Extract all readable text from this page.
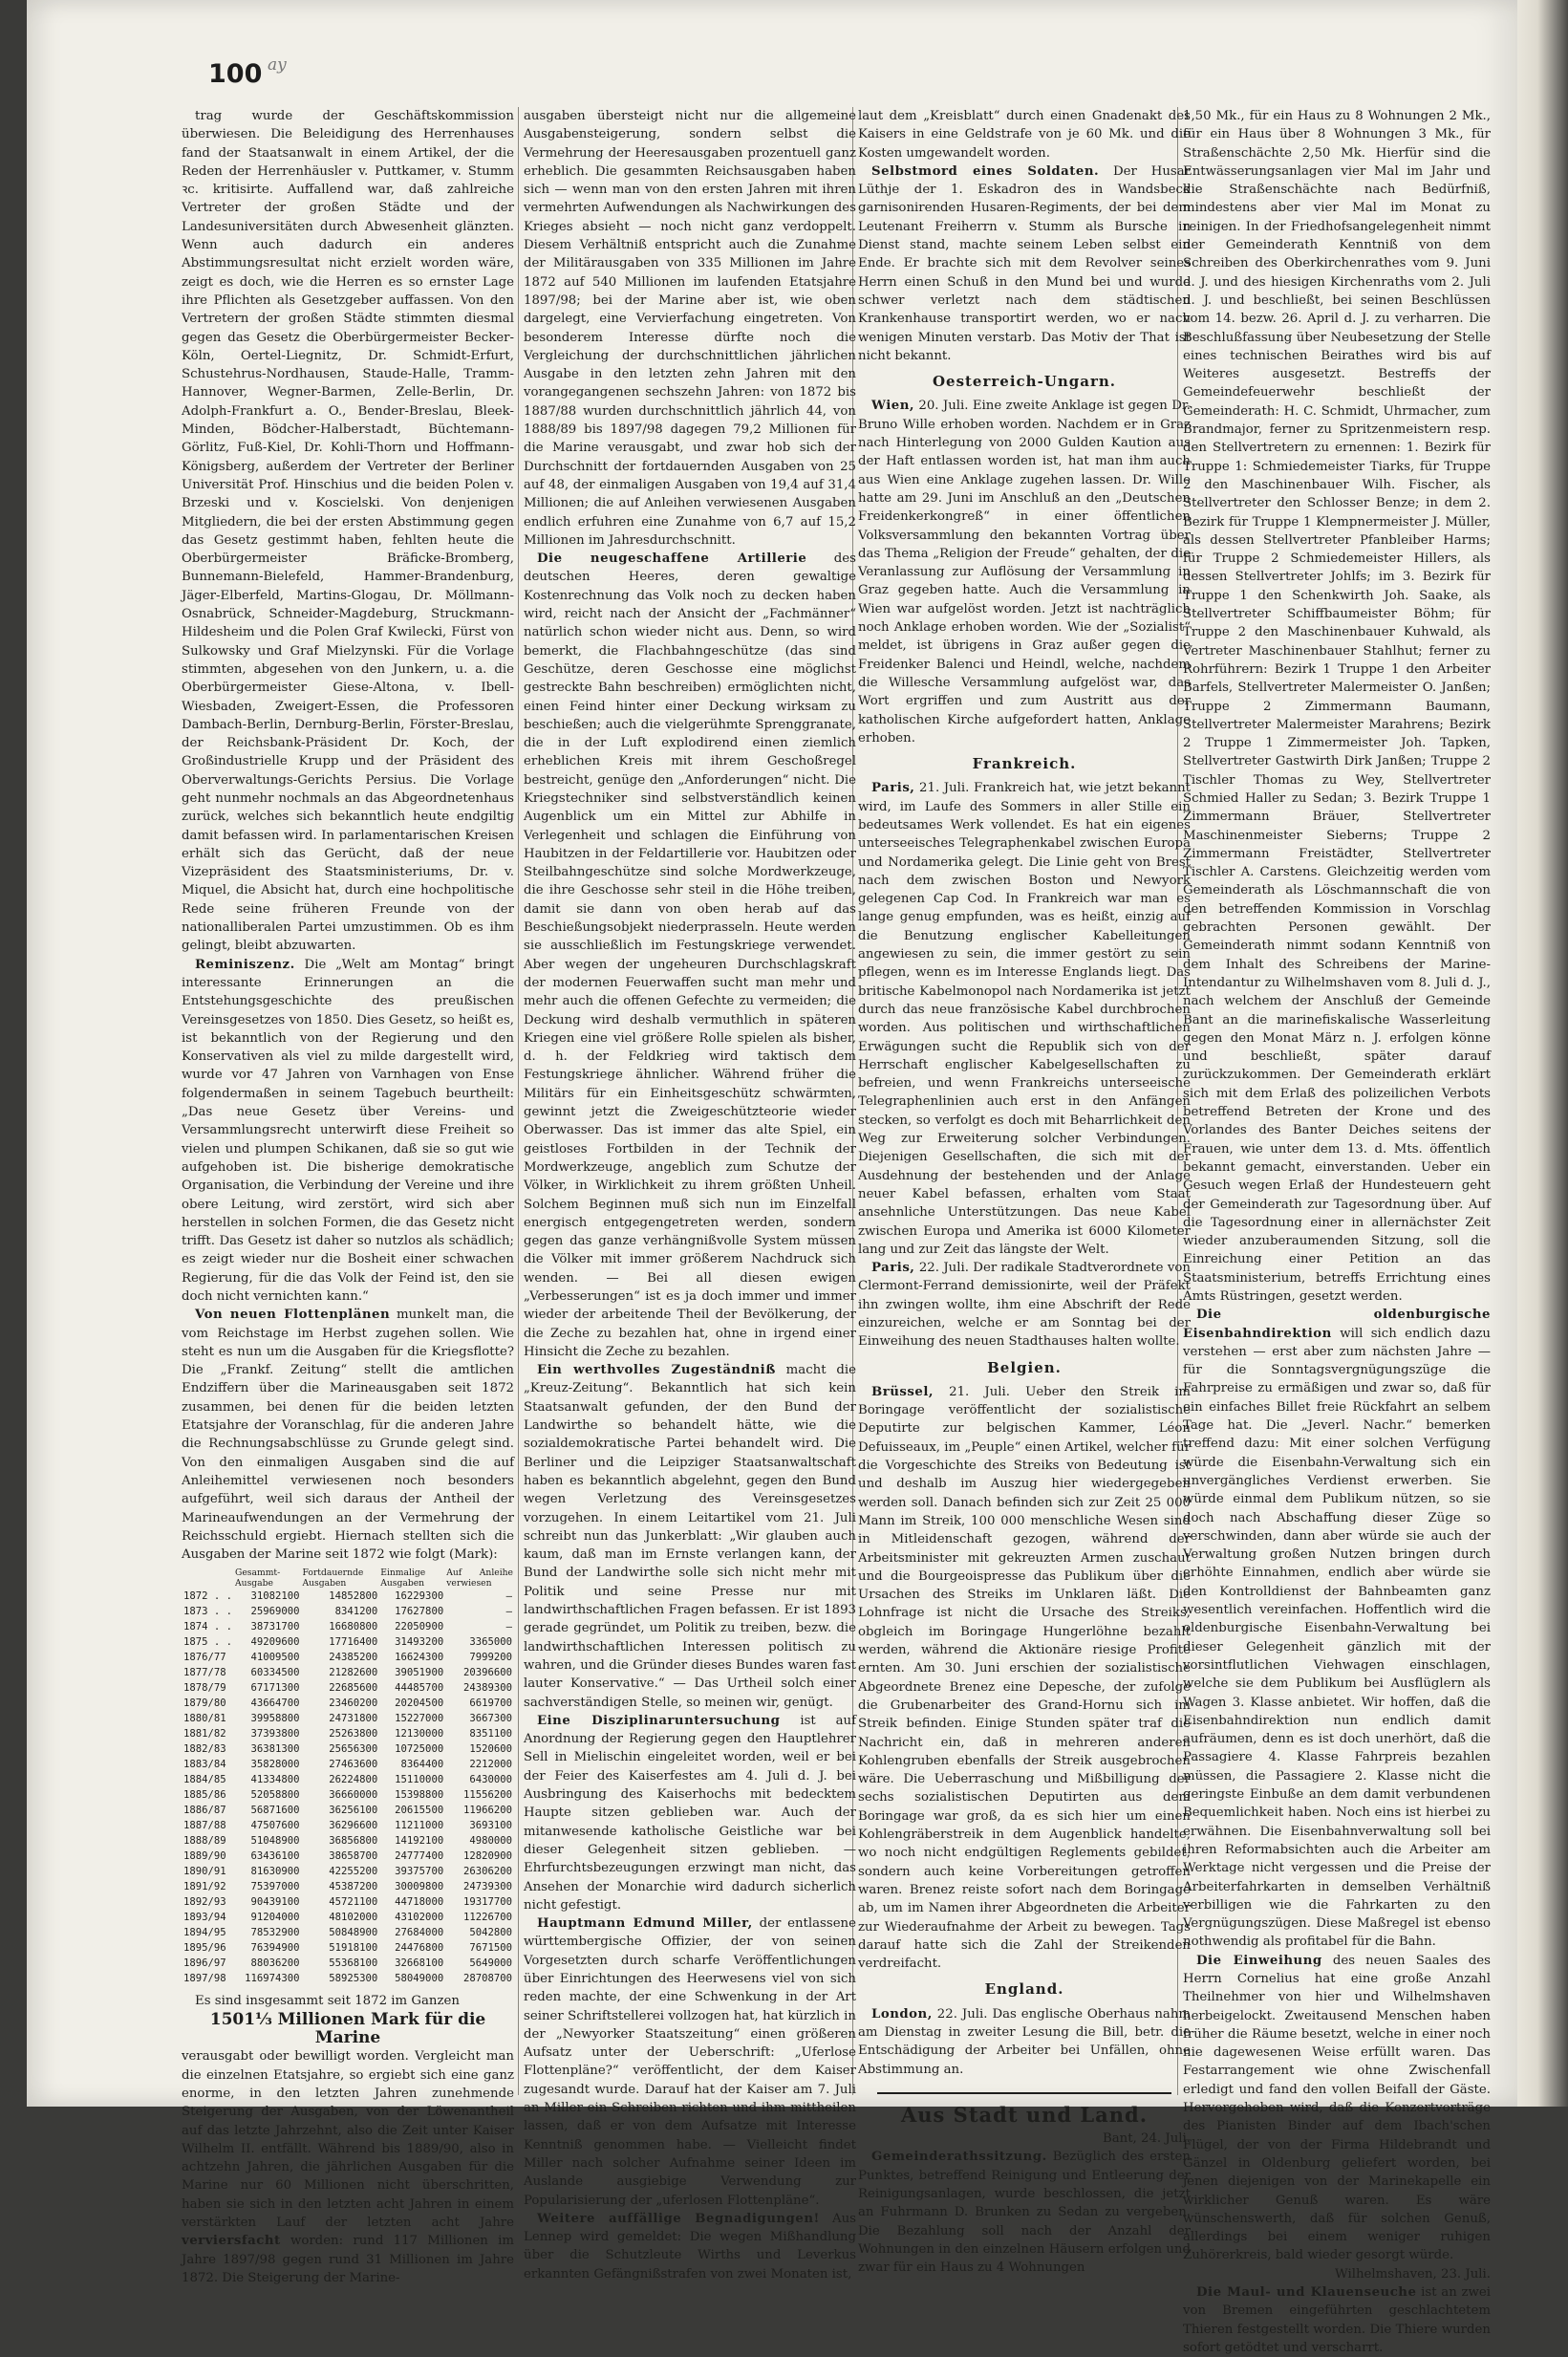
100 ay

trag wurde der Geschäftskommission überwiesen. Die Beleidigung des Herrenhauses fand der Staatsanwalt in einem Artikel, der die Reden der Herrenhäusler v. Puttkamer, v. Stumm ꝛc. kritisirte. Auffallend war, daß zahlreiche Vertreter der großen Städte und der Landesuniversitäten durch Abwesenheit glänzten. Wenn auch dadurch ein anderes Abstimmungsresultat nicht erzielt worden wäre, zeigt es doch, wie die Herren es so ernster Lage ihre Pflichten als Gesetzgeber auffassen. Von den Vertretern der großen Städte stimmten diesmal gegen das Gesetz die Oberbürgermeister Becker-Köln, Oertel-Liegnitz, Dr. Schmidt-Erfurt, Schustehrus-Nordhausen, Staude-Halle, Tramm-Hannover, Wegner-Barmen, Zelle-Berlin, Dr. Adolph-Frankfurt a. O., Bender-Breslau, Bleek-Minden, Bödcher-Halberstadt, Büchtemann-Görlitz, Fuß-Kiel, Dr. Kohli-Thorn und Hoffmann-Königsberg, außerdem der Vertreter der Berliner Universität Prof. Hinschius und die beiden Polen v. Brzeski und v. Koscielski. Von denjenigen Mitgliedern, die bei der ersten Abstimmung gegen das Gesetz gestimmt haben, fehlten heute die Oberbürgermeister Bräficke-Bromberg, Bunnemann-Bielefeld, Hammer-Brandenburg, Jäger-Elberfeld, Martins-Glogau, Dr. Möllmann-Osnabrück, Schneider-Magdeburg, Struckmann-Hildesheim und die Polen Graf Kwilecki, Fürst von Sulkowsky und Graf Mielzynski. Für die Vorlage stimmten, abgesehen von den Junkern, u. a. die Oberbürgermeister Giese-Altona, v. Ibell-Wiesbaden, Zweigert-Essen, die Professoren Dambach-Berlin, Dernburg-Berlin, Förster-Breslau, der Reichsbank-Präsident Dr. Koch, der Großindustrielle Krupp und der Präsident des Oberverwaltungs-Gerichts Persius. Die Vorlage geht nunmehr nochmals an das Abgeordnetenhaus zurück, welches sich bekanntlich heute endgiltig damit befassen wird. In parlamentarischen Kreisen erhält sich das Gerücht, daß der neue Vizepräsident des Staatsministeriums, Dr. v. Miquel, die Absicht hat, durch eine hochpolitische Rede seine früheren Freunde von der nationalliberalen Partei umzustimmen. Ob es ihm gelingt, bleibt abzuwarten.

Reminiszenz. Die „Welt am Montag“ bringt interessante Erinnerungen an die Entstehungsgeschichte des preußischen Vereinsgesetzes von 1850. Dies Gesetz, so heißt es, ist bekanntlich von der Regierung und den Konservativen als viel zu milde dargestellt wird, wurde vor 47 Jahren von Varnhagen von Ense folgendermaßen in seinem Tagebuch beurtheilt: „Das neue Gesetz über Vereins- und Versammlungsrecht unterwirft diese Freiheit so vielen und plumpen Schikanen, daß sie so gut wie aufgehoben ist. Die bisherige demokratische Organisation, die Verbindung der Vereine und ihre obere Leitung, wird zerstört, wird sich aber herstellen in solchen Formen, die das Gesetz nicht trifft. Das Gesetz ist daher so nutzlos als schädlich; es zeigt wieder nur die Bosheit einer schwachen Regierung, für die das Volk der Feind ist, den sie doch nicht vernichten kann.“

Von neuen Flottenplänen munkelt man, die vom Reichstage im Herbst zugehen sollen. Wie steht es nun um die Ausgaben für die Kriegsflotte? Die „Frankf. Zeitung“ stellt die amtlichen Endziffern über die Marineausgaben seit 1872 zusammen, bei denen für die beiden letzten Etatsjahre der Voranschlag, für die anderen Jahre die Rechnungsabschlüsse zu Grunde gelegt sind. Von den einmaligen Ausgaben sind die auf Anleihemittel verwiesenen noch besonders aufgeführt, weil sich daraus der Antheil der Marineaufwendungen an der Vermehrung der Reichsschuld ergiebt. Hiernach stellten sich die Ausgaben der Marine seit 1872 wie folgt (Mark):

	Gesammt-Ausgabe	Fortdauernde Ausgaben	Einmalige Ausgaben	Auf Anleihe verwiesen
1872 . .	31082100	14852800	16229300	—
1873 . .	25969000	8341200	17627800	—
1874 . .	38731700	16680800	22050900	—
1875 . .	49209600	17716400	31493200	3365000
1876/77	41009500	24385200	16624300	7999200
1877/78	60334500	21282600	39051900	20396600
1878/79	67171300	22685600	44485700	24389300
1879/80	43664700	23460200	20204500	6619700
1880/81	39958800	24731800	15227000	3667300
1881/82	37393800	25263800	12130000	8351100
1882/83	36381300	25656300	10725000	1520600
1883/84	35828000	27463600	8364400	2212000
1884/85	41334800	26224800	15110000	6430000
1885/86	52058800	36660000	15398800	11556200
1886/87	56871600	36256100	20615500	11966200
1887/88	47507600	36296600	11211000	3693100
1888/89	51048900	36856800	14192100	4980000
1889/90	63436100	38658700	24777400	12820900
1890/91	81630900	42255200	39375700	26306200
1891/92	75397000	45387200	30009800	24739300
1892/93	90439100	45721100	44718000	19317700
1893/94	91204000	48102000	43102000	11226700
1894/95	78532900	50848900	27684000	5042800
1895/96	76394900	51918100	24476800	7671500
1896/97	88036200	55368100	32668100	5649000
1897/98	116974300	58925300	58049000	28708700

Es sind insgesammt seit 1872 im Ganzen

1501⅓ Millionen Mark für die Marine

verausgabt oder bewilligt worden. Vergleicht man die einzelnen Etatsjahre, so ergiebt sich eine ganz enorme, in den letzten Jahren zunehmende Steigerung der Ausgaben, von der Löwenantheil auf das letzte Jahrzehnt, also die Zeit unter Kaiser Wilhelm II. entfällt. Während bis 1889/90, also in achtzehn Jahren, die jährlichen Ausgaben für die Marine nur 60 Millionen nicht überschritten, haben sie sich in den letzten acht Jahren in einem verstärkten Lauf der letzten acht Jahre verviersfacht worden: rund 117 Millionen im Jahre 1897/98 gegen rund 31 Millionen im Jahre 1872. Die Steigerung der Marine-

ausgaben übersteigt nicht nur die allgemeine Ausgabensteigerung, sondern selbst die Vermehrung der Heeresausgaben prozentuell ganz erheblich. Die gesammten Reichsausgaben haben sich — wenn man von den ersten Jahren mit ihren vermehrten Aufwendungen als Nachwirkungen des Krieges absieht — noch nicht ganz verdoppelt. Diesem Verhältniß entspricht auch die Zunahme der Militärausgaben von 335 Millionen im Jahre 1872 auf 540 Millionen im laufenden Etatsjahre 1897/98; bei der Marine aber ist, wie oben dargelegt, eine Vervierfachung eingetreten. Von besonderem Interesse dürfte noch die Vergleichung der durchschnittlichen jährlichen Ausgabe in den letzten zehn Jahren mit den vorangegangenen sechszehn Jahren: von 1872 bis 1887/88 wurden durchschnittlich jährlich 44, von 1888/89 bis 1897/98 dagegen 79,2 Millionen für die Marine verausgabt, und zwar hob sich der Durchschnitt der fortdauernden Ausgaben von 25 auf 48, der einmaligen Ausgaben von 19,4 auf 31,4 Millionen; die auf Anleihen verwiesenen Ausgaben endlich erfuhren eine Zunahme von 6,7 auf 15,2 Millionen im Jahresdurchschnitt.

Die neugeschaffene Artillerie des deutschen Heeres, deren gewaltige Kostenrechnung das Volk noch zu decken haben wird, reicht nach der Ansicht der „Fachmänner“ natürlich schon wieder nicht aus. Denn, so wird bemerkt, die Flachbahngeschütze (das sind Geschütze, deren Geschosse eine möglichst gestreckte Bahn beschreiben) ermöglichten nicht, einen Feind hinter einer Deckung wirksam zu beschießen; auch die vielgerühmte Sprenggranate, die in der Luft explodirend einen ziemlich erheblichen Kreis mit ihrem Geschoßregel bestreicht, genüge den „Anforderungen“ nicht. Die Kriegstechniker sind selbstverständlich keinen Augenblick um ein Mittel zur Abhilfe in Verlegenheit und schlagen die Einführung von Haubitzen in der Feldartillerie vor. Haubitzen oder Steilbahngeschütze sind solche Mordwerkzeuge, die ihre Geschosse sehr steil in die Höhe treiben, damit sie dann von oben herab auf das Beschießungsobjekt niederprasseln. Heute werden sie ausschließlich im Festungskriege verwendet. Aber wegen der ungeheuren Durchschlagskraft der modernen Feuerwaffen sucht man mehr und mehr auch die offenen Gefechte zu vermeiden; die Deckung wird deshalb vermuthlich in späteren Kriegen eine viel größere Rolle spielen als bisher, d. h. der Feldkrieg wird taktisch dem Festungskriege ähnlicher. Während früher die Militärs für ein Einheitsgeschütz schwärmten, gewinnt jetzt die Zweigeschützteorie wieder Oberwasser. Das ist immer das alte Spiel, ein geistloses Fortbilden in der Technik der Mordwerkzeuge, angeblich zum Schutze der Völker, in Wirklichkeit zu ihrem größten Unheil. Solchem Beginnen muß sich nun im Einzelfall energisch entgegengetreten werden, sondern gegen das ganze verhängnißvolle System müssen die Völker mit immer größerem Nachdruck sich wenden. — Bei all diesen ewigen „Verbesserungen“ ist es ja doch immer und immer wieder der arbeitende Theil der Bevölkerung, der die Zeche zu bezahlen hat, ohne in irgend einer Hinsicht die Zeche zu bezahlen.

Ein werthvolles Zugeständniß macht die „Kreuz-Zeitung“. Bekanntlich hat sich kein Staatsanwalt gefunden, der den Bund der Landwirthe so behandelt hätte, wie die sozialdemokratische Partei behandelt wird. Die Berliner und die Leipziger Staatsanwaltschaft haben es bekanntlich abgelehnt, gegen den Bund wegen Verletzung des Vereinsgesetzes vorzugehen. In einem Leitartikel vom 21. Juli schreibt nun das Junkerblatt: „Wir glauben auch kaum, daß man im Ernste verlangen kann, der Bund der Landwirthe solle sich nicht mehr mit Politik und seine Presse nur mit landwirthschaftlichen Fragen befassen. Er ist 1893 gerade gegründet, um Politik zu treiben, bezw. die landwirthschaftlichen Interessen politisch zu wahren, und die Gründer dieses Bundes waren fast lauter Konservative.“ — Das Urtheil solch einer sachverständigen Stelle, so meinen wir, genügt.

Eine Disziplinaruntersuchung ist auf Anordnung der Regierung gegen den Hauptlehrer Sell in Mielischin eingeleitet worden, weil er bei der Feier des Kaiserfestes am 4. Juli d. J. bei Ausbringung des Kaiserhochs mit bedecktem Haupte sitzen geblieben war. Auch der mitanwesende katholische Geistliche war bei dieser Gelegenheit sitzen geblieben. — Ehrfurchtsbezeugungen erzwingt man nicht, das Ansehen der Monarchie wird dadurch sicherlich nicht gefestigt.

Hauptmann Edmund Miller, der entlassene württembergische Offizier, der von seinen Vorgesetzten durch scharfe Veröffentlichungen über Einrichtungen des Heerwesens viel von sich reden machte, der eine Schwenkung in der Art seiner Schriftstellerei vollzogen hat, hat kürzlich in der „Newyorker Staatszeitung“ einen größeren Aufsatz unter der Ueberschrift: „Uferlose Flottenpläne?“ veröffentlicht, der dem Kaiser zugesandt wurde. Darauf hat der Kaiser am 7. Juli an Miller ein Schreiben richten und ihm mittheilen lassen, daß er von dem Aufsatze mit Interesse Kenntniß genommen habe. — Vielleicht findet Miller nach solcher Aufnahme seiner Ideen im Auslande ausgiebige Verwendung zur Popularisierung der „uferlosen Flottenpläne“.

Weitere auffällige Begnadigungen! Aus Lennep wird gemeldet: Die wegen Mißhandlung über die Schutzleute Wirths und Leverkus erkannten Gefängnißstrafen von zwei Monaten ist,

laut dem „Kreisblatt“ durch einen Gnadenakt des Kaisers in eine Geldstrafe von je 60 Mk. und die Kosten umgewandelt worden.

Selbstmord eines Soldaten. Der Husar Lüthje der 1. Eskadron des in Wandsbeck garnisonirenden Husaren-Regiments, der bei dem Leutenant Freiherrn v. Stumm als Bursche in Dienst stand, machte seinem Leben selbst ein Ende. Er brachte sich mit dem Revolver seines Herrn einen Schuß in den Mund bei und wurde schwer verletzt nach dem städtischen Krankenhause transportirt werden, wo er nach wenigen Minuten verstarb. Das Motiv der That ist nicht bekannt.

Oesterreich-Ungarn.

Wien, 20. Juli. Eine zweite Anklage ist gegen Dr. Bruno Wille erhoben worden. Nachdem er in Graz nach Hinterlegung von 2000 Gulden Kaution aus der Haft entlassen worden ist, hat man ihm auch aus Wien eine Anklage zugehen lassen. Dr. Wille hatte am 29. Juni im Anschluß an den „Deutschen Freidenkerkongreß“ in einer öffentlichen Volksversammlung den bekannten Vortrag über das Thema „Religion der Freude“ gehalten, der die Veranlassung zur Auflösung der Versammlung in Graz gegeben hatte. Auch die Versammlung in Wien war aufgelöst worden. Jetzt ist nachträglich noch Anklage erhoben worden. Wie der „Sozialist“ meldet, ist übrigens in Graz außer gegen die Freidenker Balenci und Heindl, welche, nachdem die Willesche Versammlung aufgelöst war, das Wort ergriffen und zum Austritt aus der katholischen Kirche aufgefordert hatten, Anklage erhoben.

Frankreich.

Paris, 21. Juli. Frankreich hat, wie jetzt bekannt wird, im Laufe des Sommers in aller Stille ein bedeutsames Werk vollendet. Es hat ein eigenes unterseeisches Telegraphenkabel zwischen Europa und Nordamerika gelegt. Die Linie geht von Brest nach dem zwischen Boston und Newyork gelegenen Cap Cod. In Frankreich war man es lange genug empfunden, was es heißt, einzig auf die Benutzung englischer Kabelleitungen angewiesen zu sein, die immer gestört zu sein pflegen, wenn es im Interesse Englands liegt. Das britische Kabelmonopol nach Nordamerika ist jetzt durch das neue französische Kabel durchbrochen worden. Aus politischen und wirthschaftlichen Erwägungen sucht die Republik sich von der Herrschaft englischer Kabelgesellschaften zu befreien, und wenn Frankreichs unterseeische Telegraphenlinien auch erst in den Anfängen stecken, so verfolgt es doch mit Beharrlichkeit den Weg zur Erweiterung solcher Verbindungen. Diejenigen Gesellschaften, die sich mit der Ausdehnung der bestehenden und der Anlage neuer Kabel befassen, erhalten vom Staat ansehnliche Unterstützungen. Das neue Kabel zwischen Europa und Amerika ist 6000 Kilometer lang und zur Zeit das längste der Welt.

Paris, 22. Juli. Der radikale Stadtverordnete von Clermont-Ferrand demissionirte, weil der Präfekt ihn zwingen wollte, ihm eine Abschrift der Rede einzureichen, welche er am Sonntag bei der Einweihung des neuen Stadthauses halten wollte.

Belgien.

Brüssel, 21. Juli. Ueber den Streik im Boringage veröffentlicht der sozialistische Deputirte zur belgischen Kammer, Léon Defuisseaux, im „Peuple“ einen Artikel, welcher für die Vorgeschichte des Streiks von Bedeutung ist und deshalb im Auszug hier wiedergegeben werden soll. Danach befinden sich zur Zeit 25 000 Mann im Streik, 100 000 menschliche Wesen sind in Mitleidenschaft gezogen, während der Arbeitsminister mit gekreuzten Armen zuschaut und die Bourgeoispresse das Publikum über die Ursachen des Streiks im Unklaren läßt. Die Lohnfrage ist nicht die Ursache des Streiks, obgleich im Boringage Hungerlöhne bezahlt werden, während die Aktionäre riesige Profite ernten. Am 30. Juni erschien der sozialistische Abgeordnete Brenez eine Depesche, der zufolge die Grubenarbeiter des Grand-Hornu sich im Streik befinden. Einige Stunden später traf die Nachricht ein, daß in mehreren anderen Kohlengruben ebenfalls der Streik ausgebrochen wäre. Die Ueberraschung und Mißbilligung der sechs sozialistischen Deputirten aus dem Boringage war groß, da es sich hier um einen Kohlengräberstreik in dem Augenblick handelte, wo noch nicht endgültigen Reglements gebildet, sondern auch keine Vorbereitungen getroffen waren. Brenez reiste sofort nach dem Boringage ab, um im Namen ihrer Abgeordneten die Arbeiter zur Wiederaufnahme der Arbeit zu bewegen. Tags darauf hatte sich die Zahl der Streikenden verdreifacht.

England.

London, 22. Juli. Das englische Oberhaus nahm am Dienstag in zweiter Lesung die Bill, betr. die Entschädigung der Arbeiter bei Unfällen, ohne Abstimmung an.

Aus Stadt und Land.

Bant, 24. Juli.

Gemeinderathssitzung. Bezüglich des ersten Punktes, betreffend Reinigung und Entleerung der Reinigungsanlagen, wurde beschlossen, die jetzt an Fuhrmann D. Brunken zu Sedan zu vergeben. Die Bezahlung soll nach der Anzahl der Wohnungen in den einzelnen Häusern erfolgen und zwar für ein Haus zu 4 Wohnungen

1,50 Mk., für ein Haus zu 8 Wohnungen 2 Mk., für ein Haus über 8 Wohnungen 3 Mk., für Straßenschächte 2,50 Mk. Hierfür sind die Entwässerungsanlagen vier Mal im Jahr und die Straßenschächte nach Bedürfniß, mindestens aber vier Mal im Monat zu reinigen. In der Friedhofsangelegenheit nimmt der Gemeinderath Kenntniß von dem Schreiben des Oberkirchenrathes vom 9. Juni d. J. und des hiesigen Kirchenraths vom 2. Juli d. J. und beschließt, bei seinen Beschlüssen vom 14. bezw. 26. April d. J. zu verharren. Die Beschlußfassung über Neubesetzung der Stelle eines technischen Beirathes wird bis auf Weiteres ausgesetzt. Bestreffs der Gemeindefeuerwehr beschließt der Gemeinderath: H. C. Schmidt, Uhrmacher, zum Brandmajor, ferner zu Spritzenmeistern resp. den Stellvertretern zu ernennen: 1. Bezirk für Truppe 1: Schmiedemeister Tiarks, für Truppe 2 den Maschinenbauer Wilh. Fischer, als Stellvertreter den Schlosser Benze; in dem 2. Bezirk für Truppe 1 Klempnermeister J. Müller, als dessen Stellvertreter Pfanbleiber Harms; für Truppe 2 Schmiedemeister Hillers, als dessen Stellvertreter Johlfs; im 3. Bezirk für Truppe 1 den Schenkwirth Joh. Saake, als Stellvertreter Schiffbaumeister Böhm; für Truppe 2 den Maschinenbauer Kuhwald, als Vertreter Maschinenbauer Stahlhut; ferner zu Rohrführern: Bezirk 1 Truppe 1 den Arbeiter Barfels, Stellvertreter Malermeister O. Janßen; Truppe 2 Zimmermann Baumann, Stellvertreter Malermeister Marahrens; Bezirk 2 Truppe 1 Zimmermeister Joh. Tapken, Stellvertreter Gastwirth Dirk Janßen; Truppe 2 Tischler Thomas zu Wey, Stellvertreter Schmied Haller zu Sedan; 3. Bezirk Truppe 1 Zimmermann Bräuer, Stellvertreter Maschinenmeister Sieberns; Truppe 2 Zimmermann Freistädter, Stellvertreter Tischler A. Carstens. Gleichzeitig werden vom Gemeinderath als Löschmannschaft die von den betreffenden Kommission in Vorschlag gebrachten Personen gewählt. Der Gemeinderath nimmt sodann Kenntniß von dem Inhalt des Schreibens der Marine-Intendantur zu Wilhelmshaven vom 8. Juli d. J., nach welchem der Anschluß der Gemeinde Bant an die marinefiskalische Wasserleitung gegen den Monat März n. J. erfolgen könne und beschließt, später darauf zurückzukommen. Der Gemeinderath erklärt sich mit dem Erlaß des polizeilichen Verbots betreffend Betreten der Krone und des Vorlandes des Banter Deiches seitens der Frauen, wie unter dem 13. d. Mts. öffentlich bekannt gemacht, einverstanden. Ueber ein Gesuch wegen Erlaß der Hundesteuern geht der Gemeinderath zur Tagesordnung über. Auf die Tagesordnung einer in allernächster Zeit wieder anzuberaumenden Sitzung, soll die Einreichung einer Petition an das Staatsministerium, betreffs Errichtung eines Amts Rüstringen, gesetzt werden.

Die oldenburgische Eisenbahndirektion will sich endlich dazu verstehen — erst aber zum nächsten Jahre — für die Sonntagsvergnügungszüge die Fahrpreise zu ermäßigen und zwar so, daß für ein einfaches Billet freie Rückfahrt an selbem Tage hat. Die „Jeverl. Nachr.“ bemerken treffend dazu: Mit einer solchen Verfügung würde die Eisenbahn-Verwaltung sich ein unvergängliches Verdienst erwerben. Sie würde einmal dem Publikum nützen, so sie doch nach Abschaffung dieser Züge so verschwinden, dann aber würde sie auch der Verwaltung großen Nutzen bringen durch erhöhte Einnahmen, endlich aber würde sie den Kontrolldienst der Bahnbeamten ganz wesentlich vereinfachen. Hoffentlich wird die oldenburgische Eisenbahn-Verwaltung bei dieser Gelegenheit gänzlich mit der vorsintflutlichen Viehwagen einschlagen, welche sie dem Publikum bei Ausflüglern als Wagen 3. Klasse anbietet. Wir hoffen, daß die Eisenbahndirektion nun endlich damit aufräumen, denn es ist doch unerhört, daß die Passagiere 4. Klasse Fahrpreis bezahlen müssen, die Passagiere 2. Klasse nicht die geringste Einbuße an dem damit verbundenen Bequemlichkeit haben. Noch eins ist hierbei zu erwähnen. Die Eisenbahnverwaltung soll bei ihren Reformabsichten auch die Arbeiter am Werktage nicht vergessen und die Preise der Arbeiterfahrkarten in demselben Verhältniß verbilligen wie die Fahrkarten zu den Vergnügungszügen. Diese Maßregel ist ebenso nothwendig als profitabel für die Bahn.

Die Einweihung des neuen Saales des Herrn Cornelius hat eine große Anzahl Theilnehmer von hier und Wilhelmshaven herbeigelockt. Zweitausend Menschen haben früher die Räume besetzt, welche in einer noch nie dagewesenen Weise erfüllt waren. Das Festarrangement wie ohne Zwischenfall erledigt und fand den vollen Beifall der Gäste. Hervorgehoben wird, daß die Konzertvorträge des Pianisten Binder auf dem Ibach'schen Flügel, der von der Firma Hildebrandt und Gänzel in Oldenburg geliefert worden, bei jenen diejenigen von der Marinekapelle ein wirklicher Genuß waren. Es wäre wünschenswerth, daß für solchen Genuß, allerdings bei einem weniger ruhigen Zuhörerkreis, bald wieder gesorgt würde.

Wilhelmshaven, 23. Juli.

Die Maul- und Klauenseuche ist an zwei von Bremen eingeführten geschlachtetem Thieren festgestellt worden. Die Thiere wurden sofort getödtet und verscharrt.
